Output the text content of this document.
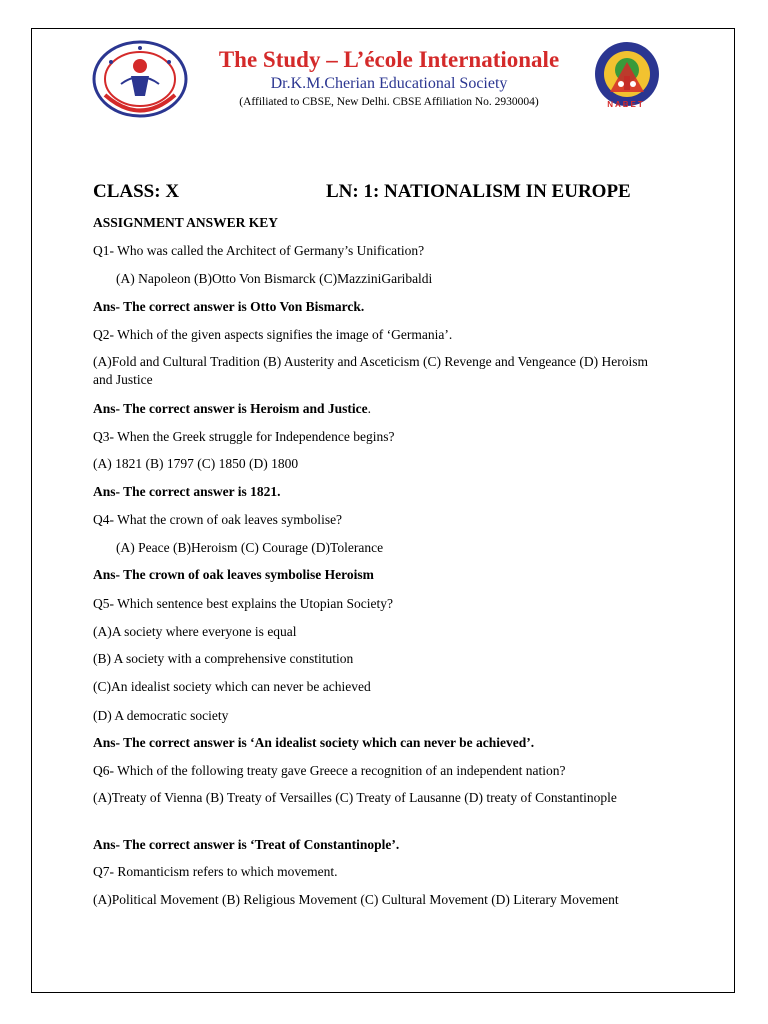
The Study – L’école Internationale
Dr.K.M.Cherian Educational Society
(Affiliated to CBSE, New Delhi. CBSE Affiliation No. 2930004)	NABET
CLASS: X	LN: 1: NATIONALISM IN EUROPE

ASSIGNMENT ANSWER KEY

Q1- Who was called the Architect of Germany’s Unification?

(A) Napoleon (B)Otto Von Bismarck (C)MazziniGaribaldi

Ans- The correct answer is Otto Von Bismarck.

Q2- Which of the given aspects signifies the image of ‘Germania’.

(A)Fold and Cultural Tradition (B) Austerity and Asceticism (C) Revenge and Vengeance (D) Heroism and Justice

Ans- The correct answer is Heroism and Justice.

Q3- When the Greek struggle for Independence begins?

(A) 1821 (B) 1797 (C) 1850 (D) 1800

Ans- The correct answer is 1821.

Q4- What the crown of oak leaves symbolise?

(A) Peace (B)Heroism (C) Courage (D)Tolerance

Ans- The crown of oak leaves symbolise Heroism

Q5- Which sentence best explains the Utopian Society?

(A)A society where everyone is equal

(B) A society with a comprehensive constitution

(C)An idealist society which can never be achieved

(D) A democratic society

Ans- The correct answer is ‘An idealist society which can never be achieved’.

Q6- Which of the following treaty gave Greece a recognition of an independent nation?

(A)Treaty of Vienna (B) Treaty of Versailles (C) Treaty of Lausanne (D) treaty of Constantinople

Ans- The correct answer is ‘Treat of Constantinople’.

Q7- Romanticism refers to which movement.

(A)Political Movement (B) Religious Movement (C) Cultural Movement (D) Literary Movement
